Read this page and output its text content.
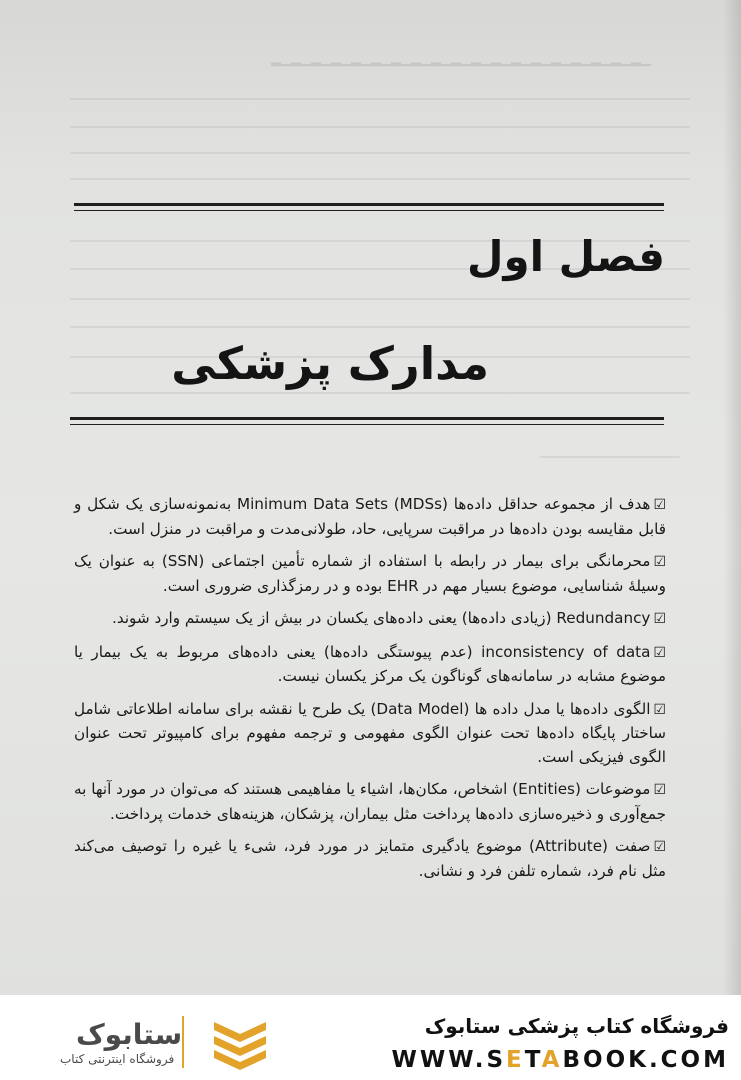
▁▂▁▂▁▂▁▂▁▂▁▂▁▂▁▂▁▂▁▂▁▂▁▂▁▂▁▂▁▂▁▂▁▂▁▂▁▂
فصل اول
مدارک پزشکی

☑هدف از مجموعه حداقل داده‌ها Minimum Data Sets (MDSs) به‌نمونه‌سازی یک شکل و قابل مقایسه بودن داده‌ها در مراقبت سرپایی، حاد، طولانی‌مدت و مراقبت در منزل است.

☑محرمانگی برای بیمار در رابطه با استفاده از شماره تأمین اجتماعی (SSN) به عنوان یک وسیلهٔ شناسایی، موضوع بسیار مهم در EHR بوده و در رمزگذاری ضروری است.

☑Redundancy (زیادی داده‌ها) یعنی داده‌های یکسان در بیش از یک سیستم وارد شوند.

☑inconsistency of data (عدم پیوستگی داده‌ها) یعنی داده‌های مربوط به یک بیمار یا موضوع مشابه در سامانه‌های گوناگون یک مرکز یکسان نیست.

☑الگوی داده‌ها یا مدل داده ها (Data Model) یک طرح یا نقشه برای سامانه اطلاعاتی شامل ساختار پایگاه داده‌ها تحت عنوان الگوی مفهومی و ترجمه مفهوم برای کامپیوتر تحت عنوان الگوی فیزیکی است.

☑موضوعات (Entities) اشخاص، مکان‌ها، اشیاء یا مفاهیمی هستند که می‌توان در مورد آنها به جمع‌آوری و ذخیره‌سازی داده‌ها پرداخت مثل بیماران، پزشکان، هزینه‌های خدمات پرداخت.

☑صفت (Attribute) موضوع یادگیری متمایز در مورد فرد، شیء یا غیره را توصیف می‌کند مثل نام فرد، شماره تلفن فرد و نشانی.

ستابوک
فروشگاه اینترنتی کتاب
فروشگاه کتاب پزشکی ستابوک
WWW.SETABOOK.COM
